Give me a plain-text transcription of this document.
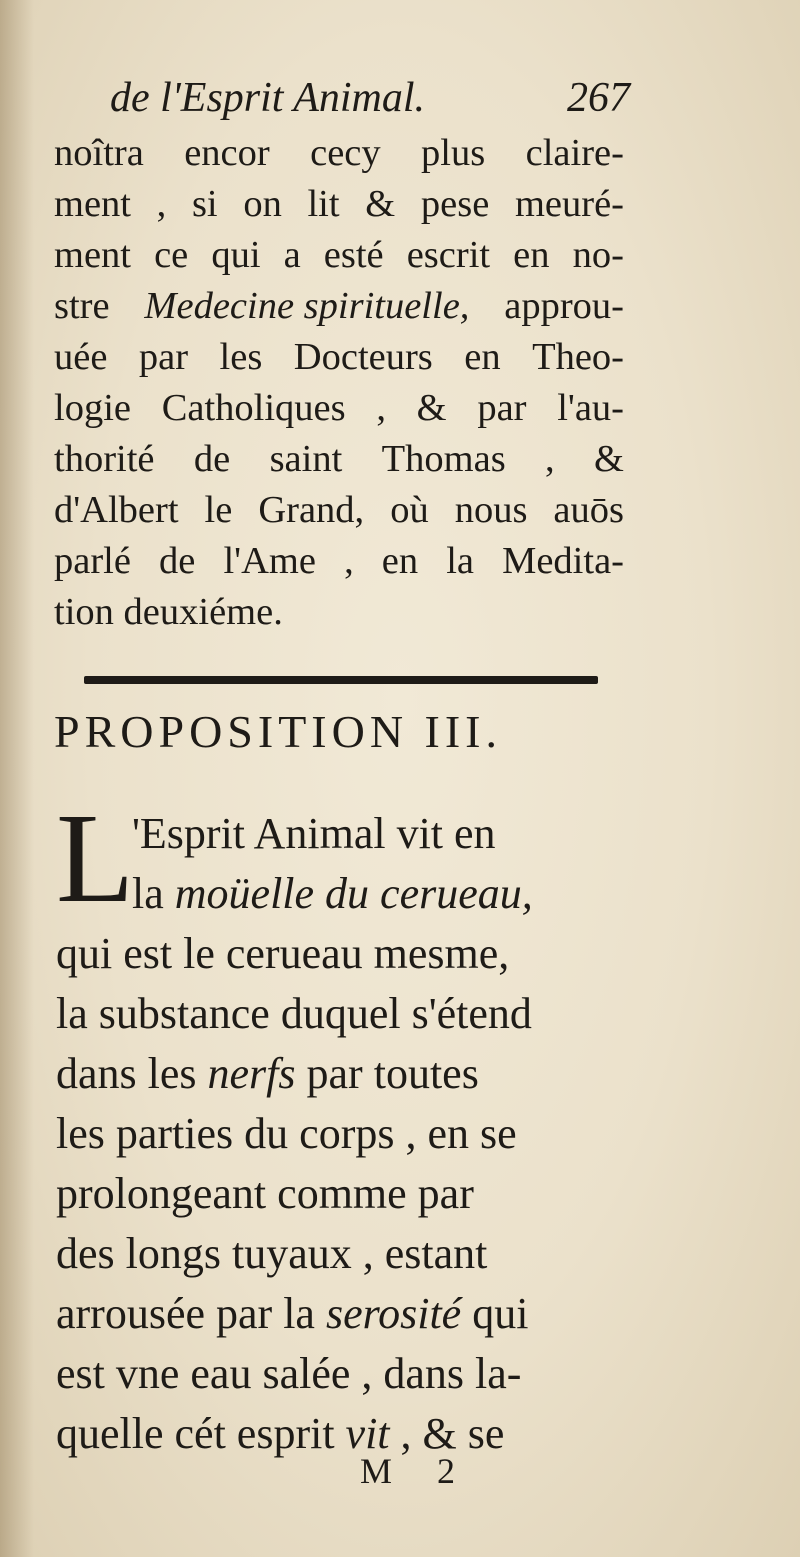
de l'Esprit Animal.	267
noîtra encor cecy plus claire-
ment , si on lit & pese meuré-
ment ce qui a esté escrit en no-
stre Medecine spirituelle, approu-
uée par les Docteurs en Theo-
logie Catholiques , & par l'au-
thorité de saint Thomas , &
d'Albert le Grand, où nous auōs
parlé de l'Ame , en la Medita-
tion deuxiéme.
PROPOSITION III.
L
'Esprit Animal vit en
la moüelle du cerueau,
qui est le cerueau mesme,
la substance duquel s'étend
dans les nerfs par toutes
les parties du corps , en se
prolongeant comme par
des longs tuyaux , estant
arrousée par la serosité qui
est vne eau salée , dans la-
quelle cét esprit vit , & se
M 2
